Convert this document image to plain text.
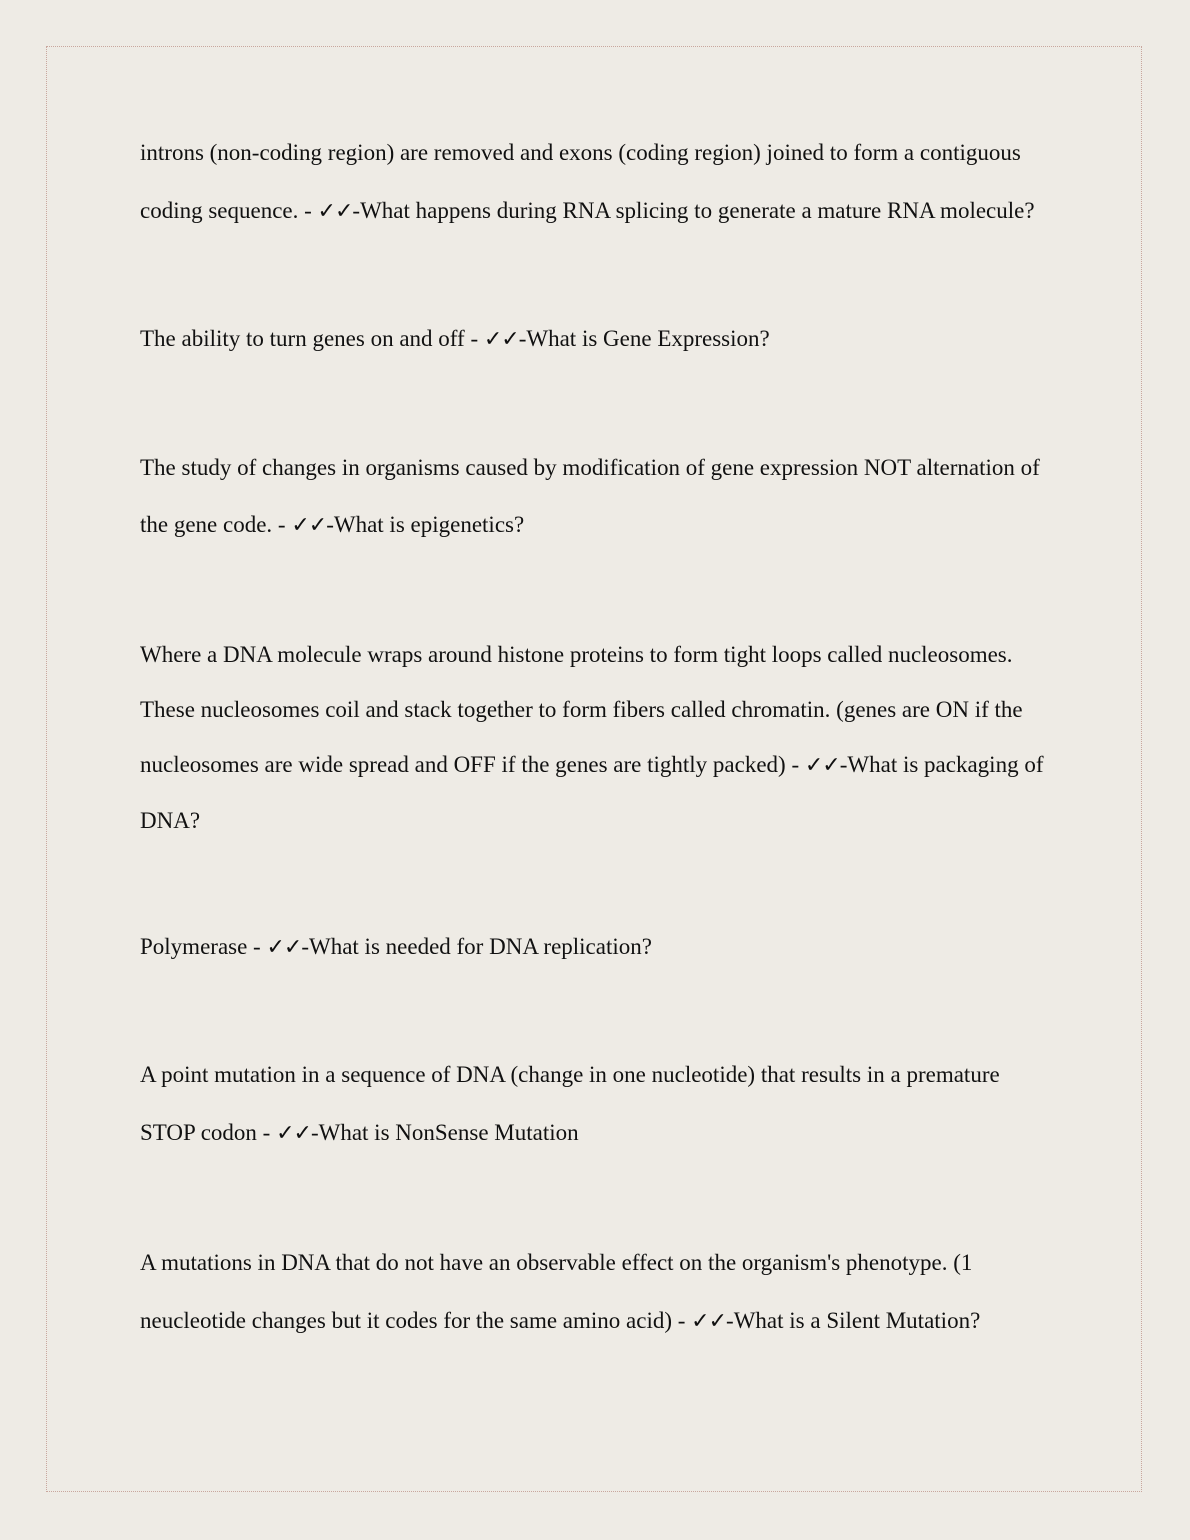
introns (non-coding region) are removed and exons (coding region) joined to form a contiguous coding sequence. - ✓✓-What happens during RNA splicing to generate a mature RNA molecule?

The ability to turn genes on and off - ✓✓-What is Gene Expression?

The study of changes in organisms caused by modification of gene expression NOT alternation of the gene code. - ✓✓-What is epigenetics?

Where a DNA molecule wraps around histone proteins to form tight loops called nucleosomes. These nucleosomes coil and stack together to form fibers called chromatin. (genes are ON if the nucleosomes are wide spread and OFF if the genes are tightly packed) - ✓✓-What is packaging of DNA?

Polymerase - ✓✓-What is needed for DNA replication?

A point mutation in a sequence of DNA (change in one nucleotide) that results in a premature STOP codon - ✓✓-What is NonSense Mutation

A mutations in DNA that do not have an observable effect on the organism's phenotype. (1 neucleotide changes but it codes for the same amino acid) - ✓✓-What is a Silent Mutation?
